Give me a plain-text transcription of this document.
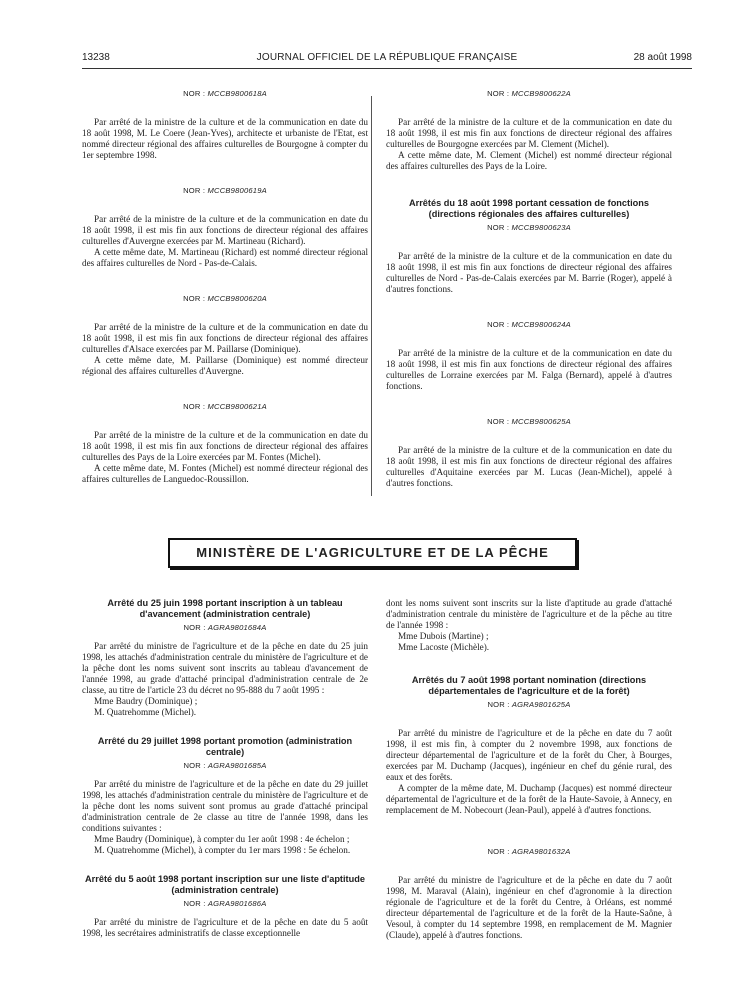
13238	JOURNAL OFFICIEL DE LA RÉPUBLIQUE FRANÇAISE	28 août 1998

NOR : MCCB9800618A

Par arrêté de la ministre de la culture et de la communication en date du 18 août 1998, M. Le Coere (Jean-Yves), architecte et urbaniste de l'Etat, est nommé directeur régional des affaires culturelles de Bourgogne à compter du 1er septembre 1998.

NOR : MCCB9800619A

Par arrêté de la ministre de la culture et de la communication en date du 18 août 1998, il est mis fin aux fonctions de directeur régional des affaires culturelles d'Auvergne exercées par M. Martineau (Richard).

A cette même date, M. Martineau (Richard) est nommé directeur régional des affaires culturelles de Nord - Pas-de-Calais.

NOR : MCCB9800620A

Par arrêté de la ministre de la culture et de la communication en date du 18 août 1998, il est mis fin aux fonctions de directeur régional des affaires culturelles d'Alsace exercées par M. Paillarse (Dominique).

A cette même date, M. Paillarse (Dominique) est nommé directeur régional des affaires culturelles d'Auvergne.

NOR : MCCB9800621A

Par arrêté de la ministre de la culture et de la communication en date du 18 août 1998, il est mis fin aux fonctions de directeur régional des affaires culturelles des Pays de la Loire exercées par M. Fontes (Michel).

A cette même date, M. Fontes (Michel) est nommé directeur régional des affaires culturelles de Languedoc-Roussillon.

NOR : MCCB9800622A

Par arrêté de la ministre de la culture et de la communication en date du 18 août 1998, il est mis fin aux fonctions de directeur régional des affaires culturelles de Bourgogne exercées par M. Clement (Michel).

A cette même date, M. Clement (Michel) est nommé directeur régional des affaires culturelles des Pays de la Loire.

Arrêtés du 18 août 1998 portant cessation de fonctions (directions régionales des affaires culturelles)

NOR : MCCB9800623A

Par arrêté de la ministre de la culture et de la communication en date du 18 août 1998, il est mis fin aux fonctions de directeur régional des affaires culturelles de Nord - Pas-de-Calais exercées par M. Barrie (Roger), appelé à d'autres fonctions.

NOR : MCCB9800624A

Par arrêté de la ministre de la culture et de la communication en date du 18 août 1998, il est mis fin aux fonctions de directeur régional des affaires culturelles de Lorraine exercées par M. Falga (Bernard), appelé à d'autres fonctions.

NOR : MCCB9800625A

Par arrêté de la ministre de la culture et de la communication en date du 18 août 1998, il est mis fin aux fonctions de directeur régional des affaires culturelles d'Aquitaine exercées par M. Lucas (Jean-Michel), appelé à d'autres fonctions.

MINISTÈRE DE L'AGRICULTURE ET DE LA PÊCHE
Arrêté du 25 juin 1998 portant inscription à un tableau d'avancement (administration centrale)

NOR : AGRA9801684A

Par arrêté du ministre de l'agriculture et de la pêche en date du 25 juin 1998, les attachés d'administration centrale du ministère de l'agriculture et de la pêche dont les noms suivent sont inscrits au tableau d'avancement de l'année 1998, au grade d'attaché principal d'administration centrale de 2e classe, au titre de l'article 23 du décret no 95-888 du 7 août 1995 :

Mme Baudry (Dominique) ;

M. Quatrehomme (Michel).

Arrêté du 29 juillet 1998 portant promotion (administration centrale)

NOR : AGRA9801685A

Par arrêté du ministre de l'agriculture et de la pêche en date du 29 juillet 1998, les attachés d'administration centrale du ministère de l'agriculture et de la pêche dont les noms suivent sont promus au grade d'attaché principal d'administration centrale de 2e classe au titre de l'année 1998, dans les conditions suivantes :

Mme Baudry (Dominique), à compter du 1er août 1998 : 4e échelon ;

M. Quatrehomme (Michel), à compter du 1er mars 1998 : 5e échelon.

Arrêté du 5 août 1998 portant inscription sur une liste d'aptitude (administration centrale)

NOR : AGRA9801686A

Par arrêté du ministre de l'agriculture et de la pêche en date du 5 août 1998, les secrétaires administratifs de classe exceptionnelle

dont les noms suivent sont inscrits sur la liste d'aptitude au grade d'attaché d'administration centrale du ministère de l'agriculture et de la pêche au titre de l'année 1998 :

Mme Dubois (Martine) ;

Mme Lacoste (Michèle).

Arrêtés du 7 août 1998 portant nomination (directions départementales de l'agriculture et de la forêt)

NOR : AGRA9801625A

Par arrêté du ministre de l'agriculture et de la pêche en date du 7 août 1998, il est mis fin, à compter du 2 novembre 1998, aux fonctions de directeur départemental de l'agriculture et de la forêt du Cher, à Bourges, exercées par M. Duchamp (Jacques), ingénieur en chef du génie rural, des eaux et des forêts.

A compter de la même date, M. Duchamp (Jacques) est nommé directeur départemental de l'agriculture et de la forêt de la Haute-Savoie, à Annecy, en remplacement de M. Nobecourt (Jean-Paul), appelé à d'autres fonctions.

NOR : AGRA9801632A

Par arrêté du ministre de l'agriculture et de la pêche en date du 7 août 1998, M. Maraval (Alain), ingénieur en chef d'agronomie à la direction régionale de l'agriculture et de la forêt du Centre, à Orléans, est nommé directeur départemental de l'agriculture et de la forêt de la Haute-Saône, à Vesoul, à compter du 14 septembre 1998, en remplacement de M. Magnier (Claude), appelé à d'autres fonctions.
